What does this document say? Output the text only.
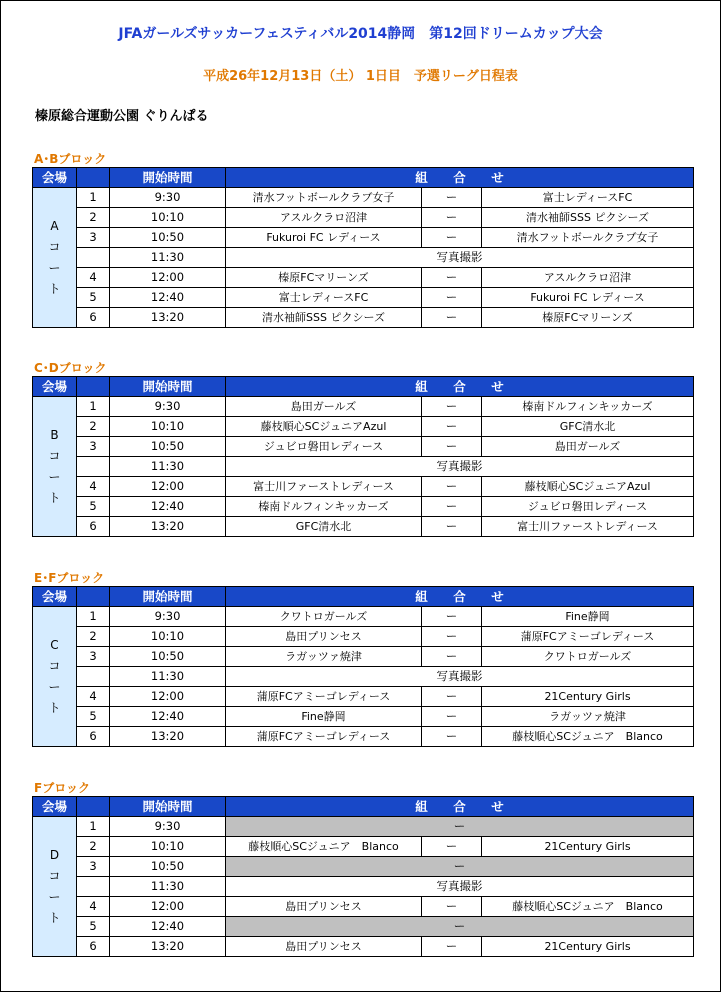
JFAガールズサッカーフェスティバル2014静岡　第12回ドリームカップ大会
平成26年12月13日（土） 1日目　予選リーグ日程表
榛原総合運動公園 ぐりんぱる
A･Bブロック
会場		開始時間	組 合 せ		
Aコート	1	9:30	清水フットボールクラブ女子	ー	富士レディースFC
	2	10:10	アスルクラロ沼津	ー	清水袖師SSS ピクシーズ
	3	10:50	Fukuroi FC レディース	ー	清水フットボールクラブ女子
		11:30	写真撮影		
	4	12:00	榛原FCマリーンズ	ー	アスルクラロ沼津
	5	12:40	富士レディースFC	ー	Fukuroi FC レディース
	6	13:20	清水袖師SSS ピクシーズ	ー	榛原FCマリーンズ
C･Dブロック
会場		開始時間	組 合 せ		
Bコート	1	9:30	島田ガールズ	ー	榛南ドルフィンキッカーズ
	2	10:10	藤枝順心SCジュニアAzul	ー	GFC清水北
	3	10:50	ジュビロ磐田レディース	ー	島田ガールズ
		11:30	写真撮影		
	4	12:00	富士川ファーストレディース	ー	藤枝順心SCジュニアAzul
	5	12:40	榛南ドルフィンキッカーズ	ー	ジュビロ磐田レディース
	6	13:20	GFC清水北	ー	富士川ファーストレディース
E･Fブロック
会場		開始時間	組 合 せ		
Cコート	1	9:30	クワトロガールズ	ー	Fine静岡
	2	10:10	島田プリンセス	ー	蒲原FCアミーゴレディース
	3	10:50	ラガッツァ焼津	ー	クワトロガールズ
		11:30	写真撮影		
	4	12:00	蒲原FCアミーゴレディース	ー	21Century Girls
	5	12:40	Fine静岡	ー	ラガッツァ焼津
	6	13:20	蒲原FCアミーゴレディース	ー	藤枝順心SCジュニア　Blanco
Fブロック
会場		開始時間	組 合 せ		
Dコート	1	9:30	ー		
	2	10:10	藤枝順心SCジュニア　Blanco	ー	21Century Girls
	3	10:50	ー		
		11:30	写真撮影		
	4	12:00	島田プリンセス	ー	藤枝順心SCジュニア　Blanco
	5	12:40	ー		
	6	13:20	島田プリンセス	ー	21Century Girls
